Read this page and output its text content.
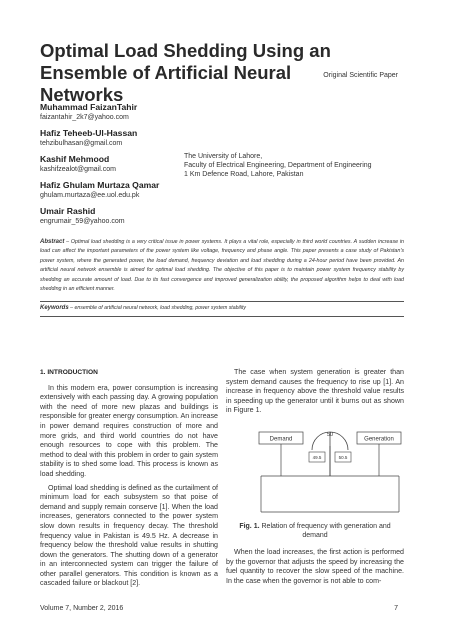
Optimal Load Shedding Using an Ensemble of Artificial Neural Networks
Original Scientific Paper
Muhammad FaizanTahir
faizantahir_2k7@yahoo.com
Hafiz Teheeb-Ul-Hassan
tehzibulhasan@gmail.com
Kashif Mehmood
kashifzealot@gmail.com
Hafiz Ghulam Murtaza Qamar
ghulam.murtaza@ee.uol.edu.pk
Umair Rashid
engrumair_59@yahoo.com
The University of Lahore,
Faculty of Electrical Engineering, Department of Engineering
1 Km Defence Road, Lahore, Pakistan
Abstract – Optimal load shedding is a very critical issue in power systems. It plays a vital role, especially in third world countries. A sudden increase in load can affect the important parameters of the power system like voltage, frequency and phase angle. This paper presents a case study of Pakistan's power system, where the generated power, the load demand, frequency deviation and load shedding during a 24-hour period have been provided. An artificial neural network ensemble is aimed for optimal load shedding. The objective of this paper is to maintain power system frequency stability by shedding an accurate amount of load. Due to its fast convergence and improved generalization ability, the proposed algorithm helps to deal with load shedding in an efficient manner.
Keywords – ensemble of artificial neural network, load shedding, power system stability
1. INTRODUCTION

In this modern era, power consumption is increasing extensively with each passing day. A growing population with the need of more new plazas and buildings is responsible for greater energy consumption. An increase in power demand requires construction of more and more grids, and third world countries do not have enough resources to cope with this problem. The method to deal with this problem in order to gain system stability is to shed some load. This process is known as load shedding.

Optimal load shedding is defined as the curtailment of minimum load for each subsystem so that poise of demand and supply remain conserve [1]. When the load increases, generators connected to the power system slow down results in frequency decay. The threshold frequency value in Pakistan is 49.5 Hz. A decrease in frequency below the threshold value results in shutting down the generators. The shutting down of a generator in an interconnected system can trigger the failure of other parallel generators. This condition is known as a cascaded failure or blackout [2].

The case when system generation is greater than system demand causes the frequency to rise up [1]. An increase in frequency above the threshold value results in speeding up the generator until it burns out as shown in Figure 1.

50
49.5	50.5
Demand	Generation
Fig. 1. Relation of frequency with generation and demand

When the load increases, the first action is performed by the governor that adjusts the speed by increasing the fuel quantity to recover the slow speed of the machine. In the case when the governor is not able to com-

Volume 7, Number 2, 2016	7
